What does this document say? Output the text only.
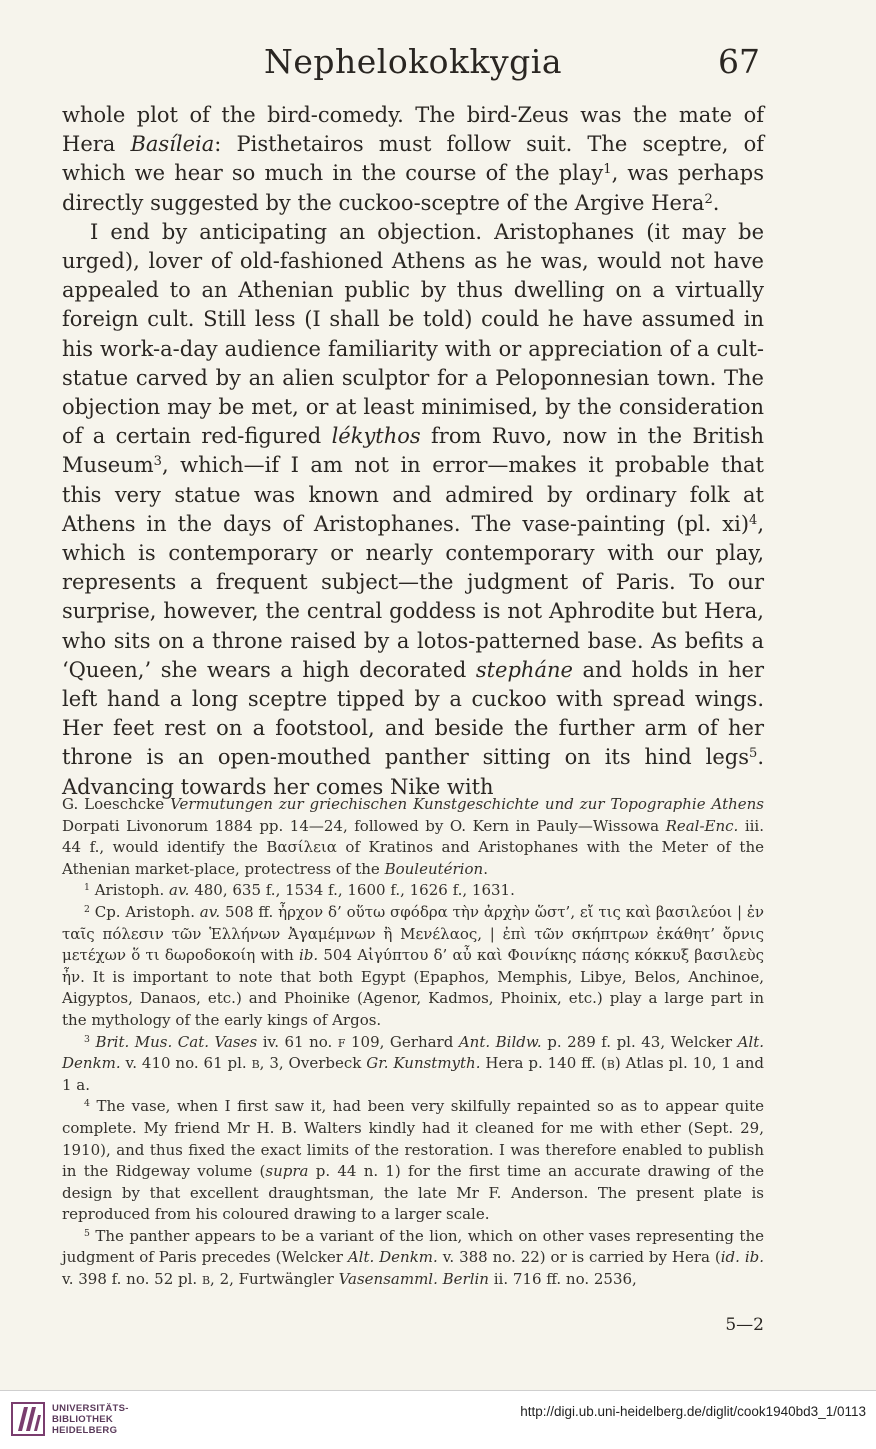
Nephelokokkygia	67

whole plot of the bird-comedy. The bird-Zeus was the mate of Hera Basíleia: Pisthetairos must follow suit. The sceptre, of which we hear so much in the course of the play$^1$, was perhaps directly suggested by the cuckoo-sceptre of the Argive Hera$^2$.

I end by anticipating an objection. Aristophanes (it may be urged), lover of old-fashioned Athens as he was, would not have appealed to an Athenian public by thus dwelling on a virtually foreign cult. Still less (I shall be told) could he have assumed in his work-a-day audience familiarity with or appreciation of a cult-statue carved by an alien sculptor for a Peloponnesian town. The objection may be met, or at least minimised, by the consideration of a certain red-figured lékythos from Ruvo, now in the British Museum$^3$, which—if I am not in error—makes it probable that this very statue was known and admired by ordinary folk at Athens in the days of Aristophanes. The vase-painting (pl. xi)$^4$, which is contemporary or nearly contemporary with our play, represents a frequent subject—the judgment of Paris. To our surprise, however, the central goddess is not Aphrodite but Hera, who sits on a throne raised by a lotos-patterned base. As befits a ‘Queen,’ she wears a high decorated stepháne and holds in her left hand a long sceptre tipped by a cuckoo with spread wings. Her feet rest on a footstool, and beside the further arm of her throne is an open-mouthed panther sitting on its hind legs$^5$. Advancing towards her comes Nike with

G. Loeschcke Vermutungen zur griechischen Kunstgeschichte und zur Topographie Athens Dorpati Livonorum 1884 pp. 14—24, followed by O. Kern in Pauly—Wissowa Real-Enc. iii. 44 f., would identify the Βασίλεια of Kratinos and Aristophanes with the Meter of the Athenian market-place, protectress of the Bouleutérion.

$^1$ Aristoph. av. 480, 635 f., 1534 f., 1600 f., 1626 f., 1631.

$^2$ Cp. Aristoph. av. 508 ff. ἦρχον δ’ οὕτω σφόδρα τὴν ἀρχὴν ὥστ’, εἴ τις καὶ βασιλεύοι | ἐν ταῖς πόλεσιν τῶν Ἑλλήνων Ἀγαμέμνων ἢ Μενέλαος, | ἐπὶ τῶν σκήπτρων ἐκάθητ’ ὄρνις μετέχων ὅ τι δωροδοκοίη with ib. 504 Αἰγύπτου δ’ αὖ καὶ Φοινίκης πάσης κόκκυξ βασιλεὺς ἦν. It is important to note that both Egypt (Epaphos, Memphis, Libye, Belos, Anchinoe, Aigyptos, Danaos, etc.) and Phoinike (Agenor, Kadmos, Phoinix, etc.) play a large part in the mythology of the early kings of Argos.

$^3$ Brit. Mus. Cat. Vases iv. 61 no. f 109, Gerhard Ant. Bildw. p. 289 f. pl. 43, Welcker Alt. Denkm. v. 410 no. 61 pl. b, 3, Overbeck Gr. Kunstmyth. Hera p. 140 ff. (b) Atlas pl. 10, 1 and 1 a.

$^4$ The vase, when I first saw it, had been very skilfully repainted so as to appear quite complete. My friend Mr H. B. Walters kindly had it cleaned for me with ether (Sept. 29, 1910), and thus fixed the exact limits of the restoration. I was therefore enabled to publish in the Ridgeway volume (supra p. 44 n. 1) for the first time an accurate drawing of the design by that excellent draughtsman, the late Mr F. Anderson. The present plate is reproduced from his coloured drawing to a larger scale.

$^5$ The panther appears to be a variant of the lion, which on other vases representing the judgment of Paris precedes (Welcker Alt. Denkm. v. 388 no. 22) or is carried by Hera (id. ib. v. 398 f. no. 52 pl. b, 2, Furtwängler Vasensamml. Berlin ii. 716 ff. no. 2536,

5—2
UNIVERSITÄTS-
BIBLIOTHEK
HEIDELBERG
http://digi.ub.uni-heidelberg.de/diglit/cook1940bd3_1/0113
